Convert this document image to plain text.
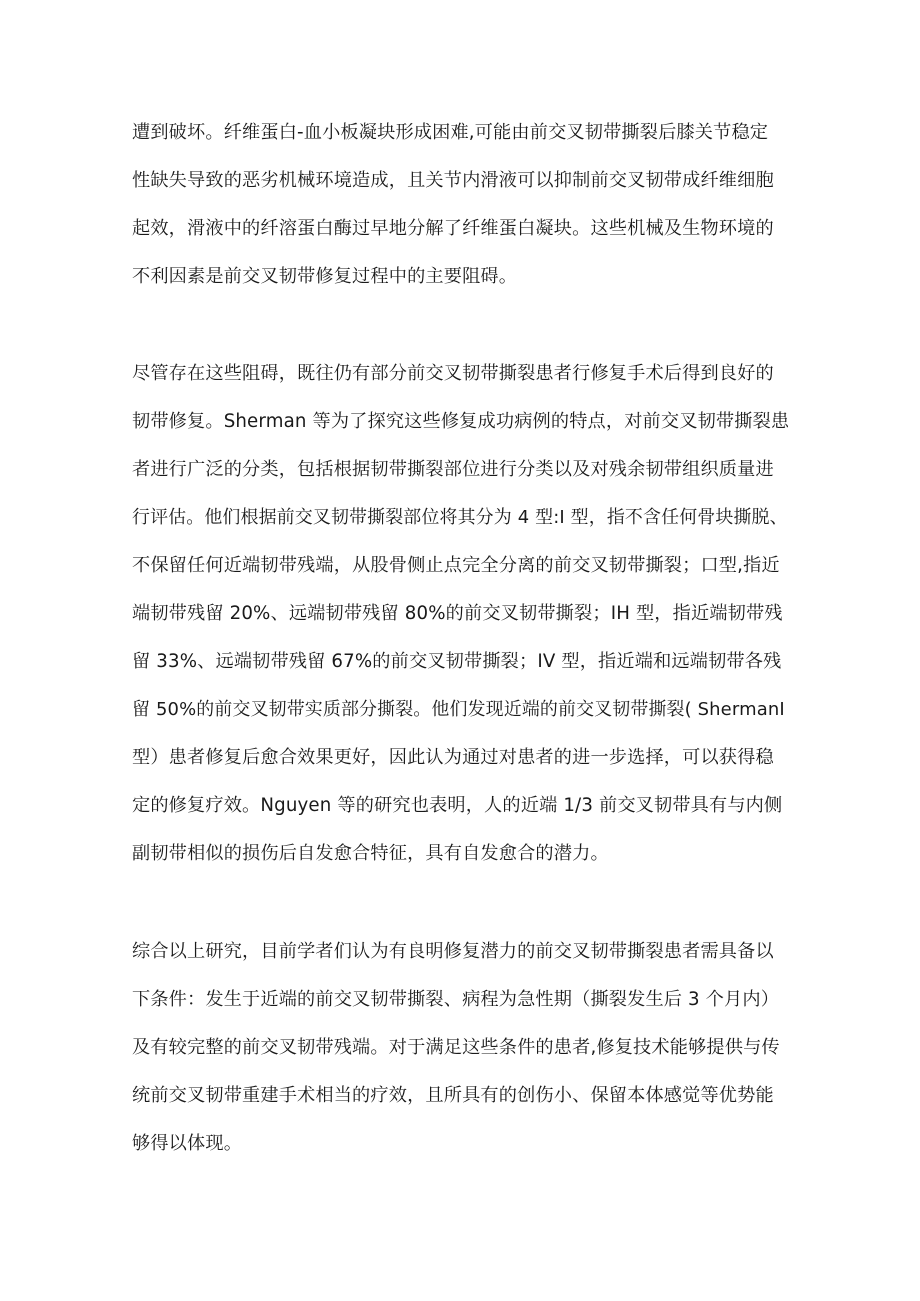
遭到破坏。纤维蛋白-血小板凝块形成困难,可能由前交叉韧带撕裂后膝关节稳定
性缺失导致的恶劣机械环境造成，且关节内滑液可以抑制前交叉韧带成纤维细胞
起效，滑液中的纤溶蛋白酶过早地分解了纤维蛋白凝块。这些机械及生物环境的
不利因素是前交叉韧带修复过程中的主要阻碍。
尽管存在这些阻碍，既往仍有部分前交叉韧带撕裂患者行修复手术后得到良好的
韧带修复。Sherman 等为了探究这些修复成功病例的特点，对前交叉韧带撕裂患
者进行广泛的分类，包括根据韧带撕裂部位进行分类以及对残余韧带组织质量进
行评估。他们根据前交叉韧带撕裂部位将其分为 4 型:I 型，指不含任何骨块撕脱、
不保留任何近端韧带残端，从股骨侧止点完全分离的前交叉韧带撕裂；口型,指近
端韧带残留 20%、远端韧带残留 80%的前交叉韧带撕裂；IH 型，指近端韧带残
留 33%、远端韧带残留 67%的前交叉韧带撕裂；IV 型，指近端和远端韧带各残
留 50%的前交叉韧带实质部分撕裂。他们发现近端的前交叉韧带撕裂( ShermanI
型）患者修复后愈合效果更好，因此认为通过对患者的进一步选择，可以获得稳
定的修复疗效。Nguyen 等的研究也表明，人的近端 1/3 前交叉韧带具有与内侧
副韧带相似的损伤后自发愈合特征，具有自发愈合的潜力。
综合以上研究，目前学者们认为有良明修复潜力的前交叉韧带撕裂患者需具备以
下条件：发生于近端的前交叉韧带撕裂、病程为急性期（撕裂发生后 3 个月内）
及有较完整的前交叉韧带残端。对于满足这些条件的患者,修复技术能够提供与传
统前交叉韧带重建手术相当的疗效，且所具有的创伤小、保留本体感觉等优势能
够得以体现。
